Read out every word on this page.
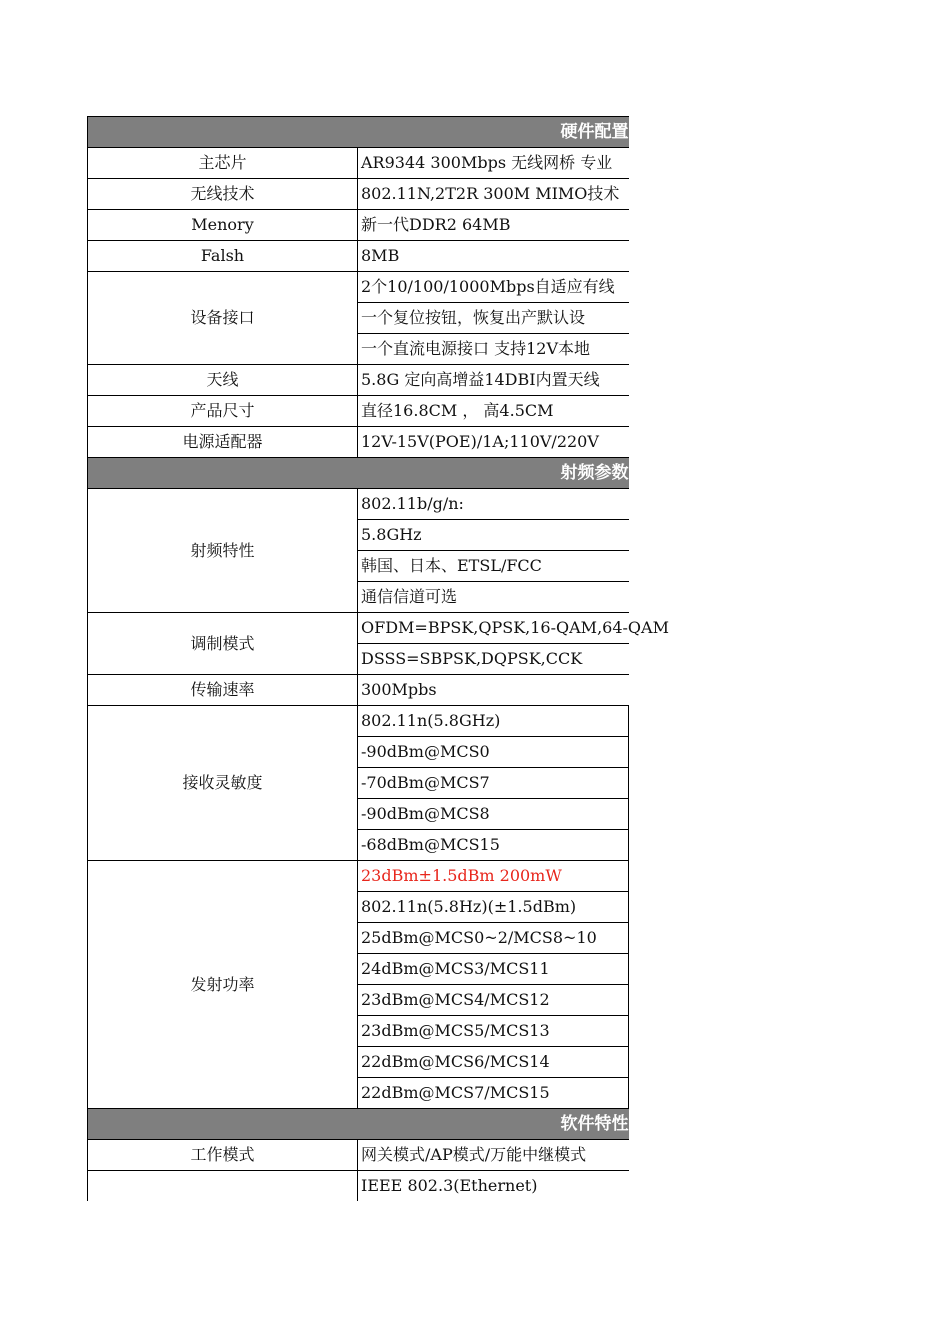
硬件配置	
主芯片	AR9344 300Mbps 无线网桥 专业
无线技术	802.11N,2T2R 300M MIMO技术
Menory	新一代DDR2 64MB
Falsh	8MB
设备接口	2个10/100/1000Mbps自适应有线
	一个复位按钮，恢复出产默认设
	一个直流电源接口 支持12V本地
天线	5.8G 定向高增益14DBI内置天线
产品尺寸	直径16.8CM ， 高4.5CM
电源适配器	12V-15V(POE)/1A;110V/220V
射频参数	
射频特性	802.11b/g/n:
	5.8GHz
	韩国、日本、ETSL/FCC
	通信信道可选
调制模式	OFDM=BPSK,QPSK,16-QAM,64-QAM
	DSSS=SBPSK,DQPSK,CCK
传输速率	300Mpbs
接收灵敏度	802.11n(5.8GHz)
	-90dBm@MCS0
	-70dBm@MCS7
	-90dBm@MCS8
	-68dBm@MCS15
发射功率	23dBm±1.5dBm 200mW
	802.11n(5.8Hz)(±1.5dBm)
	25dBm@MCS0~2/MCS8~10
	24dBm@MCS3/MCS11
	23dBm@MCS4/MCS12
	23dBm@MCS5/MCS13
	22dBm@MCS6/MCS14
	22dBm@MCS7/MCS15
软件特性	
工作模式	网关模式/AP模式/万能中继模式
	IEEE 802.3(Ethernet)
